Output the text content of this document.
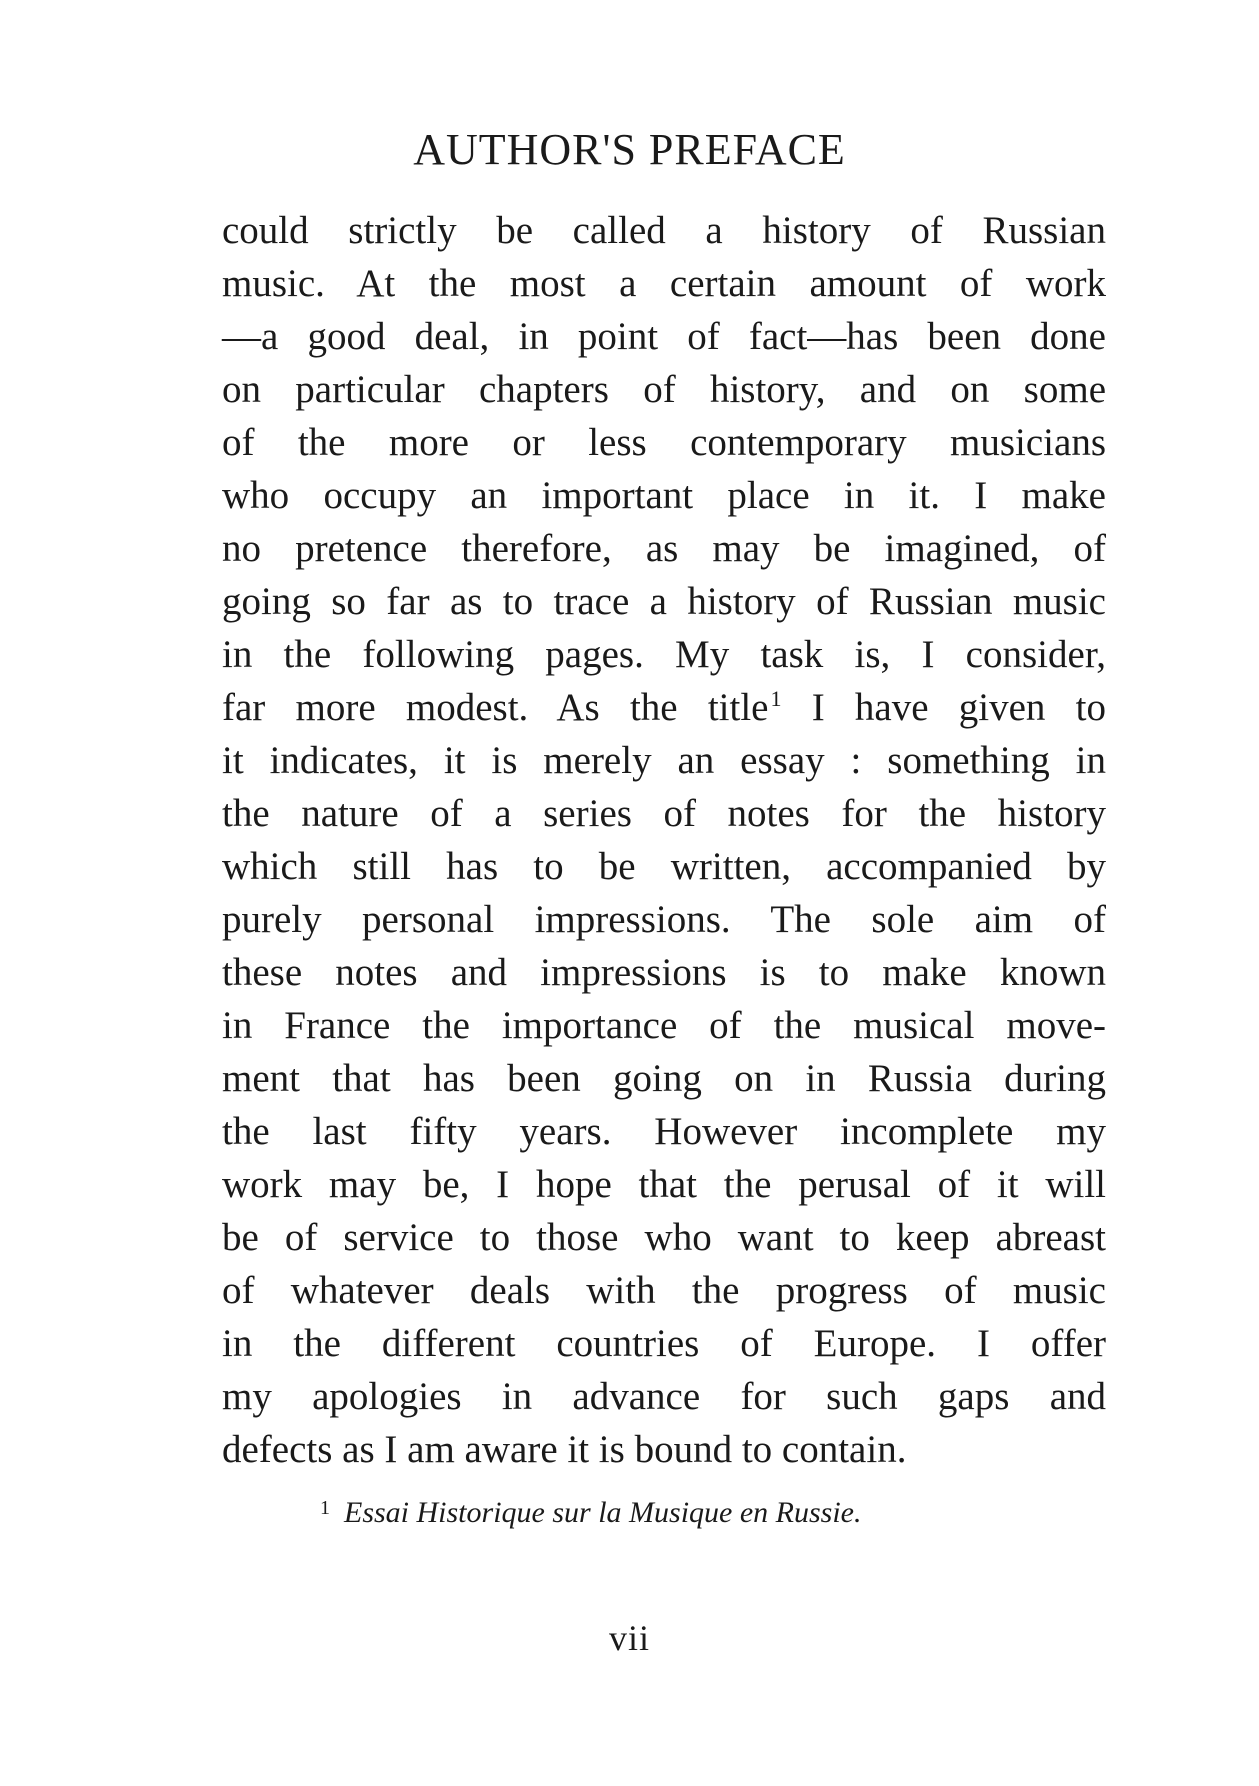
AUTHOR'S PREFACE
could strictly be called a history of Russian
music. At the most a certain amount of work
—a good deal, in point of fact—has been done
on particular chapters of history, and on some
of the more or less contemporary musicians
who occupy an important place in it. I make
no pretence therefore, as may be imagined, of
going so far as to trace a history of Russian music
in the following pages. My task is, I consider,
far more modest. As the title$^1$ I have given to
it indicates, it is merely an essay : something in
the nature of a series of notes for the history
which still has to be written, accompanied by
purely personal impressions. The sole aim of
these notes and impressions is to make known
in France the importance of the musical move-
ment that has been going on in Russia during
the last fifty years. However incomplete my
work may be, I hope that the perusal of it will
be of service to those who want to keep abreast
of whatever deals with the progress of music
in the different countries of Europe. I offer
my apologies in advance for such gaps and
defects as I am aware it is bound to contain.
$^1$ Essai Historique sur la Musique en Russie.
vii
